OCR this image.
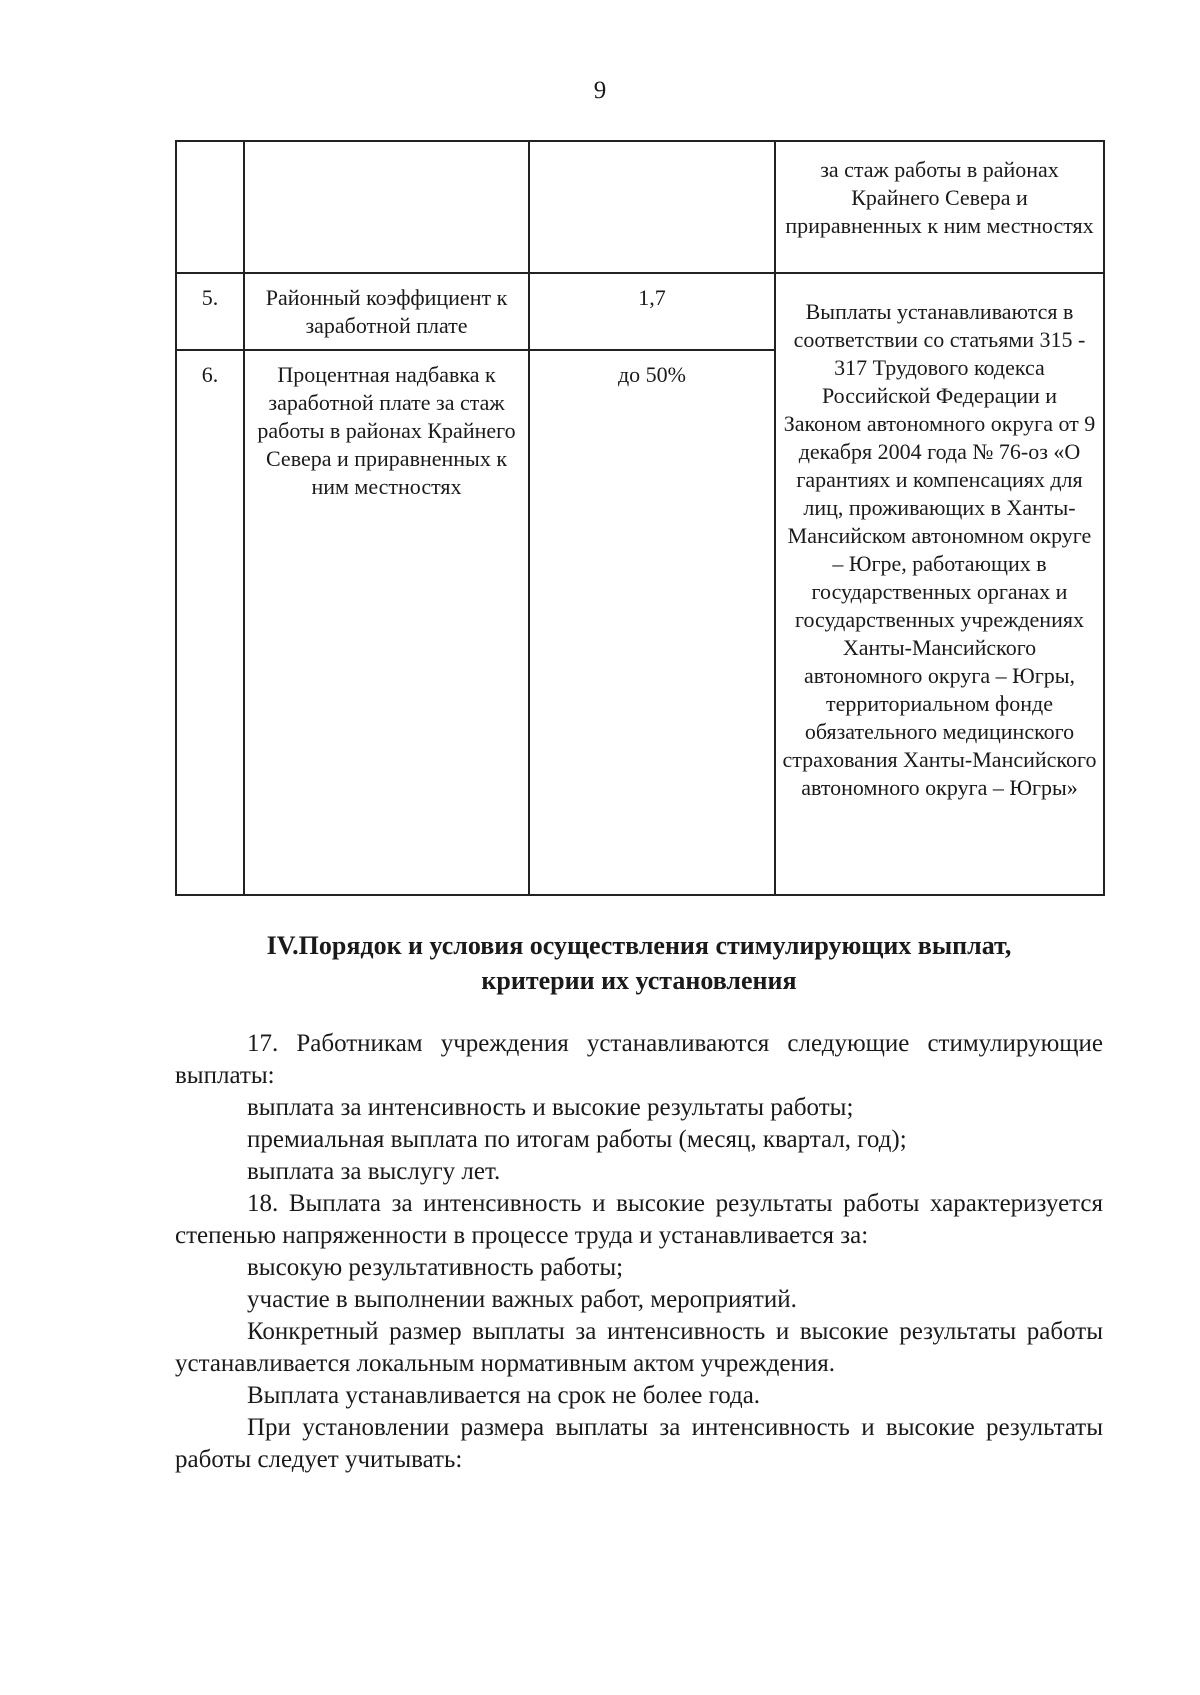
9

			за стаж работы в районах Крайнего Севера и приравненных к ним местностях

5.	Районный коэффициент к заработной плате	1,7	Выплаты устанавливаются в соответствии со статьями 315 - 317 Трудового кодекса Российской Федерации и Законом автономного округа от 9 декабря 2004 года № 76-оз «О гарантиях и компенсациях для лиц, проживающих в Ханты-Мансийском автономном округе – Югре, работающих в государственных органах и государственных учреждениях Ханты-Мансийского автономного округа – Югры, территориальном фонде обязательного медицинского страхования Ханты-Мансийского автономного округа – Югры»

6.	Процентная надбавка к заработной плате за стаж работы в районах Крайнего Севера и приравненных к ним местностях	до 50%	
IV.Порядок и условия осуществления стимулирующих выплат,
критерии их установления

17. Работникам учреждения устанавливаются следующие стимулирующие выплаты:

выплата за интенсивность и высокие результаты работы;

премиальная выплата по итогам работы (месяц, квартал, год);

выплата за выслугу лет.

18. Выплата за интенсивность и высокие результаты работы характеризуется степенью напряженности в процессе труда и устанавливается за:

высокую результативность работы;

участие в выполнении важных работ, мероприятий.

Конкретный размер выплаты за интенсивность и высокие результаты работы устанавливается локальным нормативным актом учреждения.

Выплата устанавливается на срок не более года.

При установлении размера выплаты за интенсивность и высокие результаты работы следует учитывать:
